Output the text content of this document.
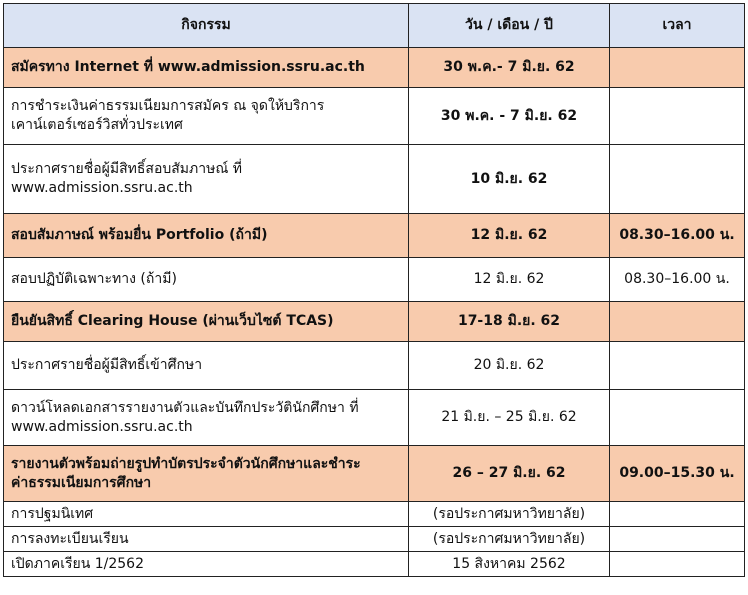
กิจกรรม	วัน / เดือน / ปี	เวลา
สมัครทาง Internet ที่ www.admission.ssru.ac.th	30 พ.ค.- 7 มิ.ย. 62	
การชำระเงินค่าธรรมเนียมการสมัคร ณ จุดให้บริการ
เคาน์เตอร์เซอร์วิสทั่วประเทศ	30 พ.ค. - 7 มิ.ย. 62	
ประกาศรายชื่อผู้มีสิทธิ์สอบสัมภาษณ์ ที่
www.admission.ssru.ac.th	10 มิ.ย. 62	
สอบสัมภาษณ์ พร้อมยื่น Portfolio (ถ้ามี)	12 มิ.ย. 62	08.30–16.00 น.
สอบปฏิบัติเฉพาะทาง (ถ้ามี)	12 มิ.ย. 62	08.30–16.00 น.
ยืนยันสิทธิ์ Clearing House (ผ่านเว็บไซต์ TCAS)	17-18 มิ.ย. 62	
ประกาศรายชื่อผู้มีสิทธิ์เข้าศึกษา	20 มิ.ย. 62	
ดาวน์โหลดเอกสารรายงานตัวและบันทึกประวัตินักศึกษา ที่
www.admission.ssru.ac.th	21 มิ.ย. – 25 มิ.ย. 62	
รายงานตัวพร้อมถ่ายรูปทำบัตรประจำตัวนักศึกษาและชำระ
ค่าธรรมเนียมการศึกษา	26 – 27 มิ.ย. 62	09.00–15.30 น.
การปฐมนิเทศ	(รอประกาศมหาวิทยาลัย)	
การลงทะเบียนเรียน	(รอประกาศมหาวิทยาลัย)	
เปิดภาคเรียน 1/2562	15 สิงหาคม 2562	
